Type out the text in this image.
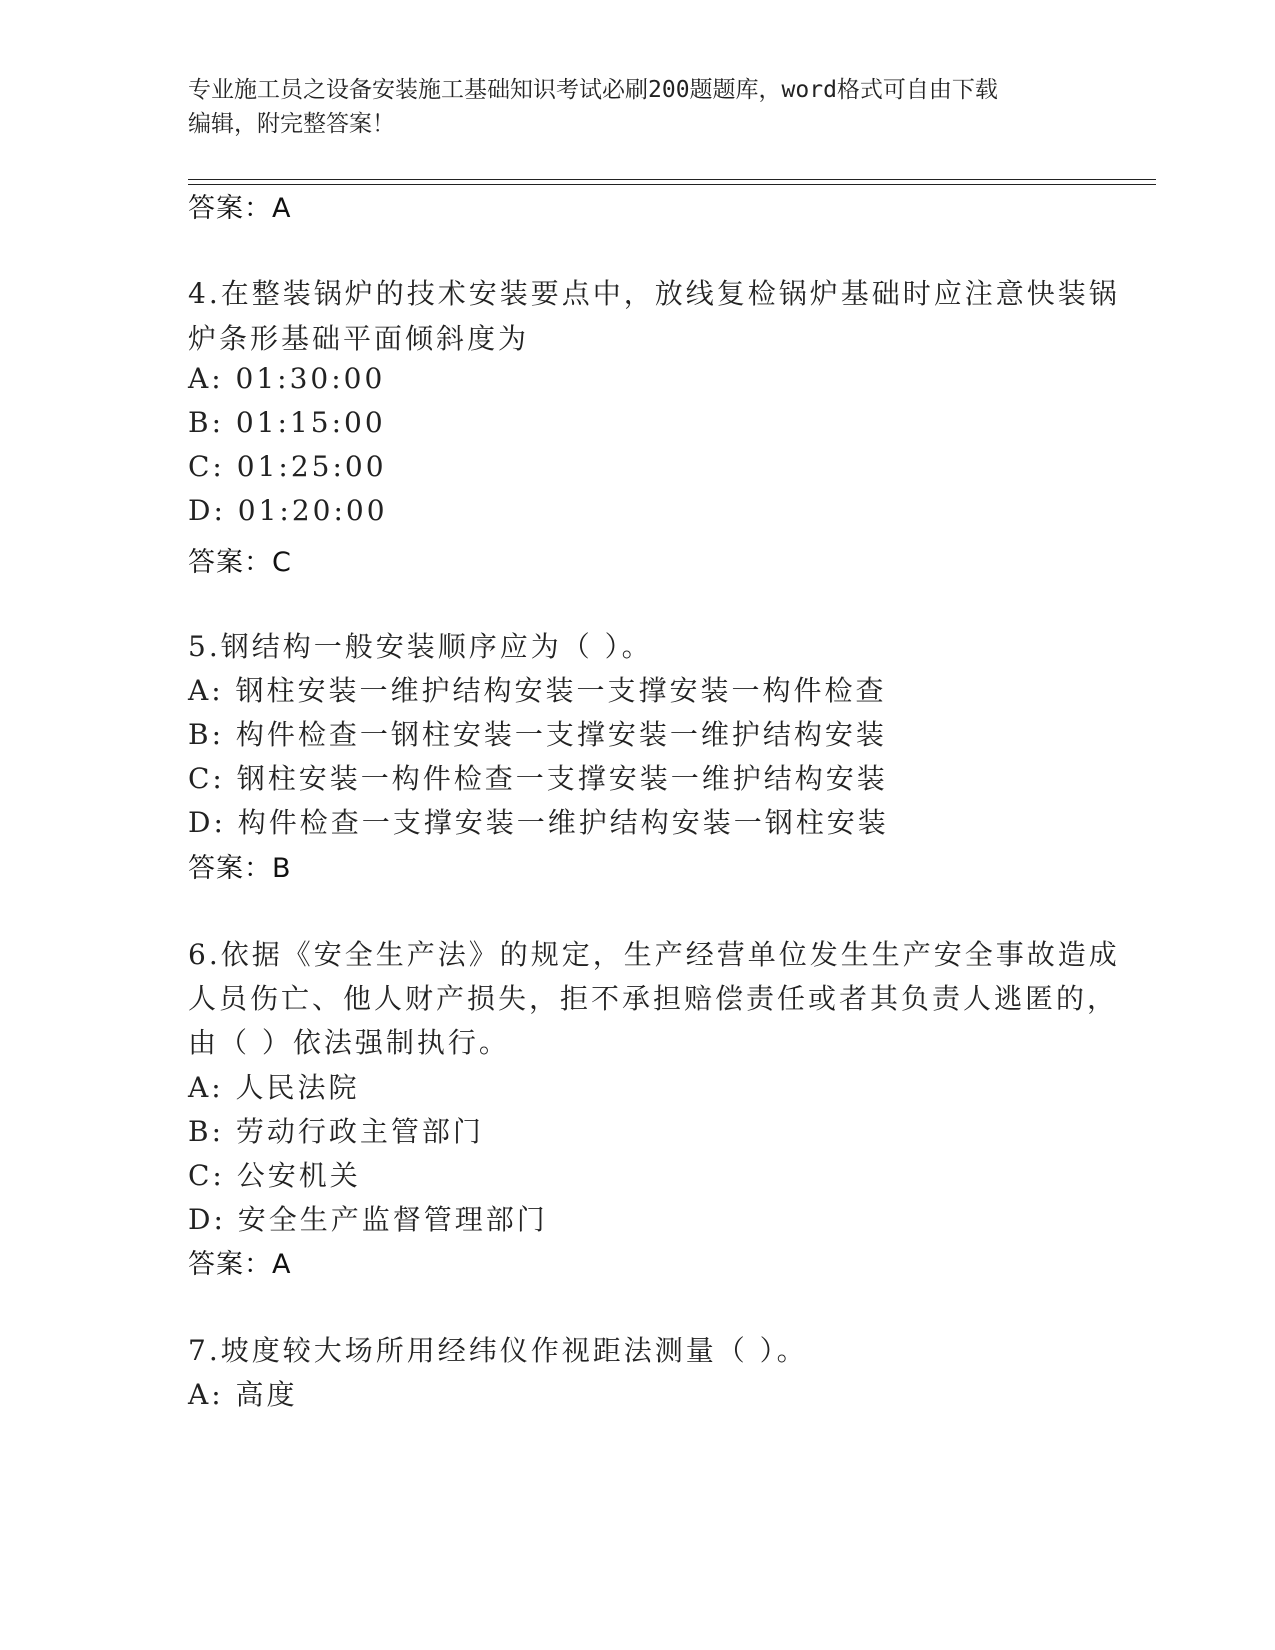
专业施工员之设备安装施工基础知识考试必刷200题题库，word格式可自由下载
编辑，附完整答案！
答案：A
4.在整装锅炉的技术安装要点中，放线复检锅炉基础时应注意快装锅
炉条形基础平面倾斜度为
A: 01:30:00
B: 01:15:00
C: 01:25:00
D: 01:20:00
答案：C
5.钢结构一般安装顺序应为（ ）。
A: 钢柱安装一维护结构安装一支撑安装一构件检查
B: 构件检查一钢柱安装一支撑安装一维护结构安装
C: 钢柱安装一构件检查一支撑安装一维护结构安装
D: 构件检查一支撑安装一维护结构安装一钢柱安装
答案：B
6.依据《安全生产法》的规定，生产经营单位发生生产安全事故造成
人员伤亡、他人财产损失，拒不承担赔偿责任或者其负责人逃匿的，
由（ ）依法强制执行。
A: 人民法院
B: 劳动行政主管部门
C: 公安机关
D: 安全生产监督管理部门
答案：A
7.坡度较大场所用经纬仪作视距法测量（ ）。
A: 高度
